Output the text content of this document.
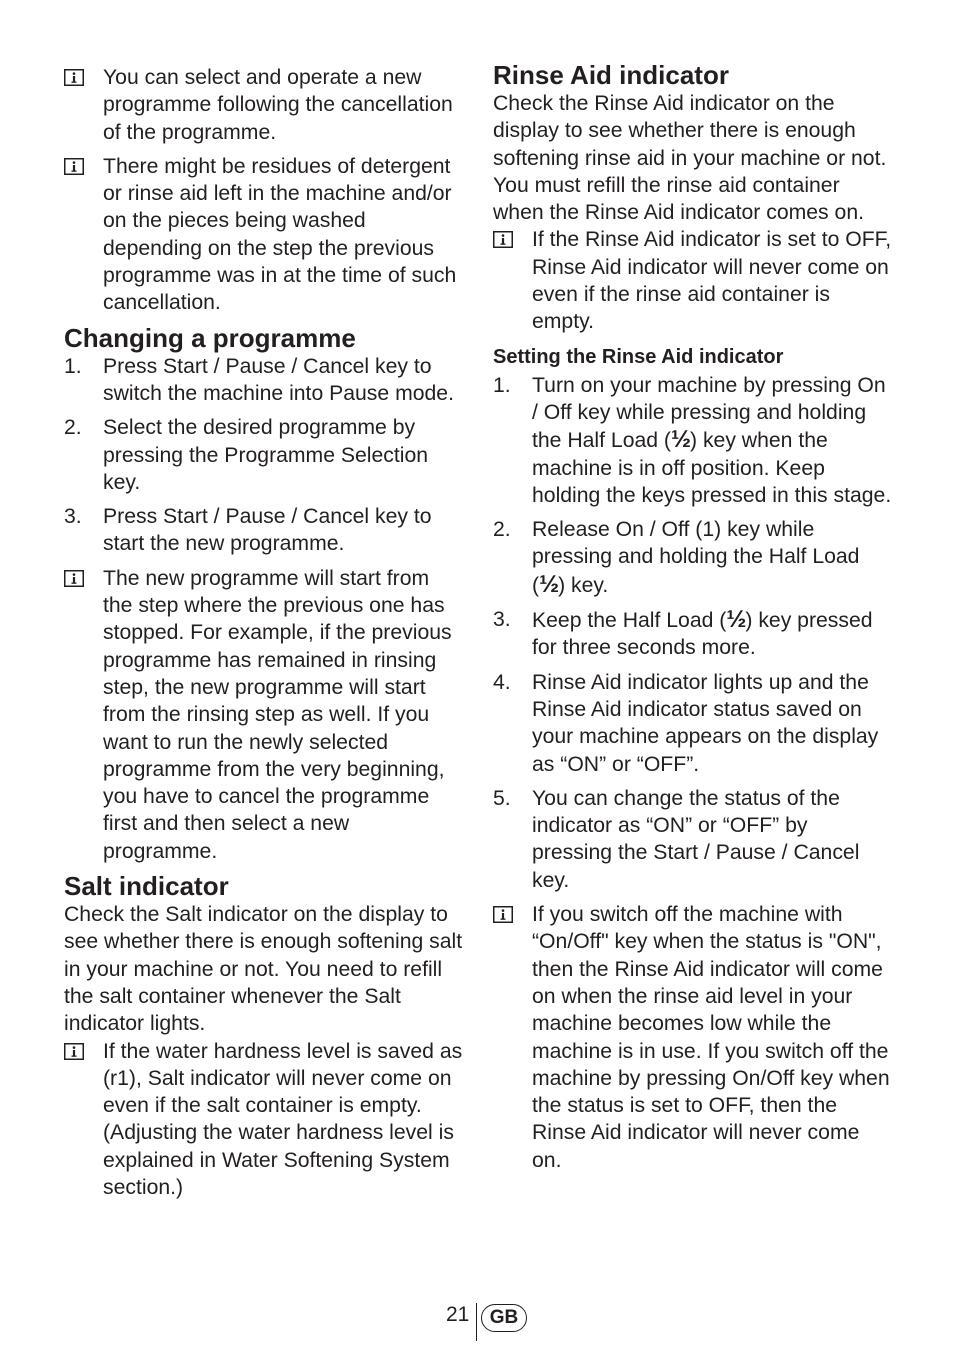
You can select and operate a new programme following the cancellation of the programme.
There might be residues of detergent or rinse aid left in the machine and/or on the pieces being washed depending on the step the previous programme was in at the time of such cancellation.
Changing a programme
1. Press Start / Pause / Cancel key to switch the machine into Pause mode.
2. Select the desired programme by pressing the Programme Selection key.
3. Press Start / Pause / Cancel key to start the new programme.
The new programme will start from the step where the previous one has stopped. For example, if the previous programme has remained in rinsing step, the new programme will start from the rinsing step as well. If you want to run the newly selected programme from the very beginning, you have to cancel the programme first and then select a new programme.
Salt indicator

Check the Salt indicator on the display to see whether there is enough softening salt in your machine or not. You need to refill the salt container whenever the Salt indicator lights.

If the water hardness level is saved as (r1), Salt indicator will never come on even if the salt container is empty. (Adjusting the water hardness level is explained in Water Softening System section.)
Rinse Aid indicator

Check the Rinse Aid indicator on the display to see whether there is enough softening rinse aid in your machine or not. You must refill the rinse aid container when the Rinse Aid indicator comes on.

If the Rinse Aid indicator is set to OFF, Rinse Aid indicator will never come on even if the rinse aid container is empty.
Setting the Rinse Aid indicator
1. Turn on your machine by pressing On / Off key while pressing and holding the Half Load (½) key when the machine is in off position. Keep holding the keys pressed in this stage.
2. Release On / Off (1) key while pressing and holding the Half Load (½) key.
3. Keep the Half Load (½) key pressed for three seconds more.
4. Rinse Aid indicator lights up and the Rinse Aid indicator status saved on your machine appears on the display as “ON” or “OFF”.
5. You can change the status of the indicator as “ON” or “OFF” by pressing the Start / Pause / Cancel key.
If you switch off the machine with “On/Off" key when the status is "ON", then the Rinse Aid indicator will come on when the rinse aid level in your machine becomes low while the machine is in use. If you switch off the machine by pressing On/Off key when the status is set to OFF, then the Rinse Aid indicator will never come on.
21	GB
